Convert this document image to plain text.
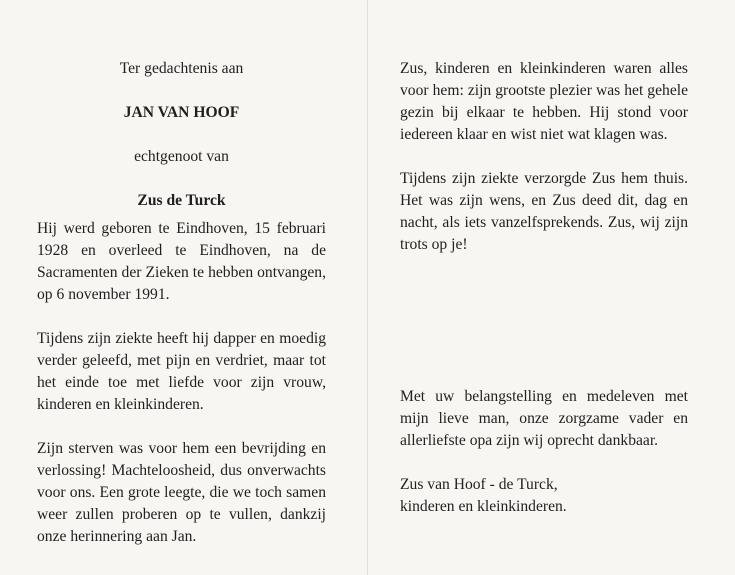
Ter gedachtenis aan

JAN VAN HOOF

echtgenoot van

Zus de Turck

Hij werd geboren te Eindhoven, 15 februari 1928 en overleed te Eindhoven, na de Sacramenten der Zieken te hebben ontvangen, op 6 november 1991.

Tijdens zijn ziekte heeft hij dapper en moedig verder geleefd, met pijn en verdriet, maar tot het einde toe met liefde voor zijn vrouw, kinderen en kleinkinderen.

Zijn sterven was voor hem een bevrijding en verlossing! Machteloosheid, dus onverwachts voor ons. Een grote leegte, die we toch samen weer zullen proberen op te vullen, dankzij onze herinnering aan Jan.

Zus, kinderen en kleinkinderen waren alles voor hem: zijn grootste plezier was het gehele gezin bij elkaar te hebben. Hij stond voor iedereen klaar en wist niet wat klagen was.

Tijdens zijn ziekte verzorgde Zus hem thuis. Het was zijn wens, en Zus deed dit, dag en nacht, als iets vanzelfsprekends. Zus, wij zijn trots op je!

Met uw belangstelling en medeleven met mijn lieve man, onze zorgzame vader en allerliefste opa zijn wij oprecht dankbaar.

Zus van Hoof - de Turck,

kinderen en kleinkinderen.
